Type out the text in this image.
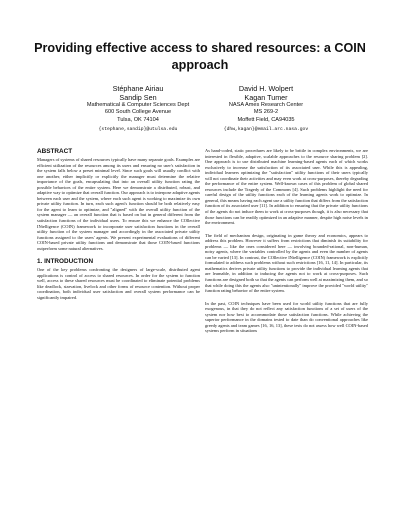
Providing effective access to shared resources: a COIN approach
Stéphane Airiau
Sandip Sen
Mathematical & Computer Sciences Dept
600 South College Avenue
Tulsa, OK 74104
{stephane,sandip}@utulsa.edu
David H. Wolpert
Kagan Tumer
NASA Ames Research Center
MS 269-2
Moffett Field, CA94035
{dhw,kagan}@email.arc.nasa.gov
ABSTRACT

Managers of systems of shared resources typically have many separate goals. Examples are efficient utilization of the resources among its users and ensuring no user's satisfaction in the system falls below a preset minimal level. Since such goals will usually conflict with one another, either implicitly or explicitly the manager must determine the relative importance of the goals, encapsulating that into an overall utility function rating the possible behaviors of the entire system. Here we demonstrate a distributed, robust, and adaptive way to optimize that overall function. Our approach is to interpose adaptive agents between each user and the system, where each such agent is working to maximize its own private utility function. In turn, each such agent's function should be both relatively easy for the agent to learn to optimize, and "aligned" with the overall utility function of the system manager — an overall function that is based on but in general different from the satisfaction functions of the individual users. To ensure this we enhance the COllective INtelligence (COIN) framework to incorporate user satisfaction functions in the overall utility function of the system manager and accordingly in the associated private utility functions assigned to the users' agents. We present experimental evaluations of different COIN-based private utility functions and demonstrate that those COIN-based functions outperform some natural alternatives.

1. INTRODUCTION

One of the key problems confronting the designers of large-scale, distributed agent applications is control of access to shared resources. In order for the system to function well, access to these shared resources must be coordinated to eliminate potential problems like deadlock, starvation, livelock and other forms of resource contention. Without proper coordination, both individual user satisfaction and overall system performance can be significantly impaired.

As hand-coded, static procedures are likely to be brittle in complex environments, we are interested in flexible, adaptive, scalable approaches to the resource sharing problem [2]. One approach is to use distributed machine learning-based agents each of which works exclusively to increase the satisfaction of its associated user. While this is appealing, individual learners optimizing the "satisfaction" utility functions of their users typically will not coordinate their activities and may even work at cross-purposes, thereby degrading the performance of the entire system. Well-known cases of this problem of global shared resources include the Tragedy of the Commons [4]. Such problems highlight the need for careful design of the utility functions each of the learning agents work to optimize. In general, this means having each agent use a utility function that differs from the satisfaction function of its associated user [11]. In addition to ensuring that the private utility functions of the agents do not induce them to work at cross-purposes though, it is also necessary that those functions can be readily optimized in an adaptive manner, despite high noise levels in the environment.

The field of mechanism design, originating in game theory and economics, appears to address this problem. However it suffers from restrictions that diminish its suitability for problems — like the ones considered here — involving bounded-rational, non-human, noisy agents, where the variables controlled by the agents and even the number of agents can be varied [13]. In contrast, the COllective INtelligence (COIN) framework is explicitly formulated to address such problems without such restrictions [16, 11, 14]. In particular, its mathematics derives private utility functions to provide the individual learning agents that are learnable, in addition to inducing the agents not to work at cross-purposes. Such functions are designed both so that the agents can perform well at maximizing them, and so that while doing this the agents also "unintentionally" improve the provided "world utility" function rating behavior of the entire system.

In the past, COIN techniques have been used for world utility functions that are fully exogenous, in that they do not reflect any satisfaction functions of a set of users of the system nor how best to accommodate those satisfaction functions. While achieving the superior performance in the domains tested to date than do conventional approaches like greedy agents and team games [16, 16, 13], these tests do not assess how well COIN-based systems perform in situations
